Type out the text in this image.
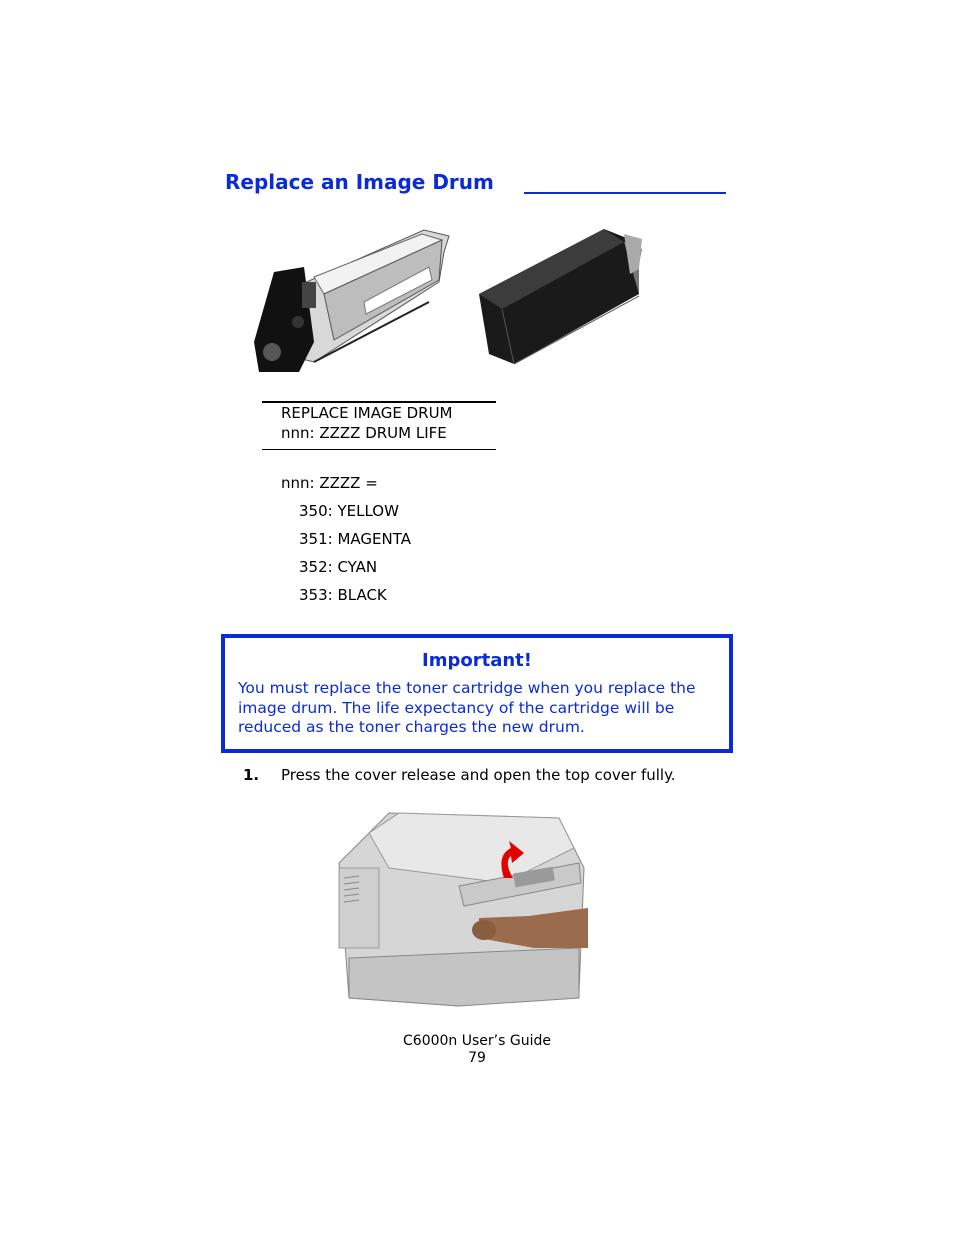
Replace an Image Drum
REPLACE IMAGE DRUM
nnn: ZZZZ DRUM LIFE
nnn: ZZZZ =
350: YELLOW
351: MAGENTA
352: CYAN
353: BLACK
Important!
You must replace the toner cartridge when you replace the image drum. The life expectancy of the cartridge will be reduced as the toner charges the new drum.
1. Press the cover release and open the top cover fully.
C6000n User’s Guide
79
